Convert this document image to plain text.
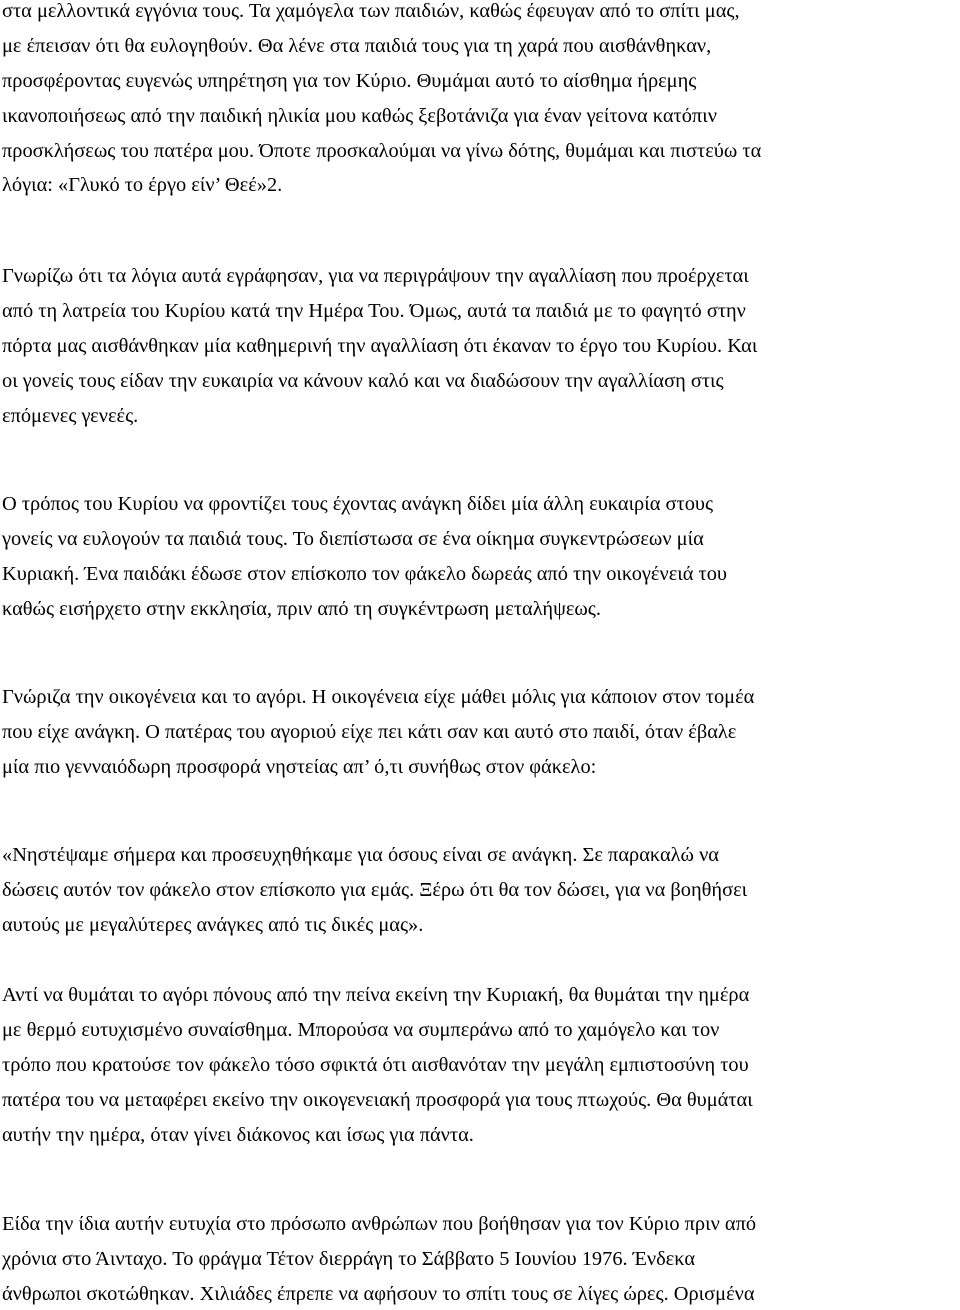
στα μελλοντικά εγγόνια τους. Τα χαμόγελα των παιδιών, καθώς έφευγαν από το σπίτι μας,
με έπεισαν ότι θα ευλογηθούν. Θα λένε στα παιδιά τους για τη χαρά που αισθάνθηκαν,
προσφέροντας ευγενώς υπηρέτηση για τον Κύριο. Θυμάμαι αυτό το αίσθημα ήρεμης
ικανοποιήσεως από την παιδική ηλικία μου καθώς ξεβοτάνιζα για έναν γείτονα κατόπιν
προσκλήσεως του πατέρα μου. Όποτε προσκαλούμαι να γίνω δότης, θυμάμαι και πιστεύω τα
λόγια: «Γλυκό το έργο είν’ Θεέ»2.
Γνωρίζω ότι τα λόγια αυτά εγράφησαν, για να περιγράψουν την αγαλλίαση που προέρχεται
από τη λατρεία του Κυρίου κατά την Ημέρα Του. Όμως, αυτά τα παιδιά με το φαγητό στην
πόρτα μας αισθάνθηκαν μία καθημερινή την αγαλλίαση ότι έκαναν το έργο του Κυρίου. Και
οι γονείς τους είδαν την ευκαιρία να κάνουν καλό και να διαδώσουν την αγαλλίαση στις
επόμενες γενεές.
Ο τρόπος του Κυρίου να φροντίζει τους έχοντας ανάγκη δίδει μία άλλη ευκαιρία στους
γονείς να ευλογούν τα παιδιά τους. Το διεπίστωσα σε ένα οίκημα συγκεντρώσεων μία
Κυριακή. Ένα παιδάκι έδωσε στον επίσκοπο τον φάκελο δωρεάς από την οικογένειά του
καθώς εισήρχετο στην εκκλησία, πριν από τη συγκέντρωση μεταλήψεως.
Γνώριζα την οικογένεια και το αγόρι. Η οικογένεια είχε μάθει μόλις για κάποιον στον τομέα
που είχε ανάγκη. Ο πατέρας του αγοριού είχε πει κάτι σαν και αυτό στο παιδί, όταν έβαλε
μία πιο γενναιόδωρη προσφορά νηστείας απ’ ό,τι συνήθως στον φάκελο:
«Νηστέψαμε σήμερα και προσευχηθήκαμε για όσους είναι σε ανάγκη. Σε παρακαλώ να
δώσεις αυτόν τον φάκελο στον επίσκοπο για εμάς. Ξέρω ότι θα τον δώσει, για να βοηθήσει
αυτούς με μεγαλύτερες ανάγκες από τις δικές μας».
Αντί να θυμάται το αγόρι πόνους από την πείνα εκείνη την Κυριακή, θα θυμάται την ημέρα
με θερμό ευτυχισμένο συναίσθημα. Μπορούσα να συμπεράνω από το χαμόγελο και τον
τρόπο που κρατούσε τον φάκελο τόσο σφικτά ότι αισθανόταν την μεγάλη εμπιστοσύνη του
πατέρα του να μεταφέρει εκείνο την οικογενειακή προσφορά για τους πτωχούς. Θα θυμάται
αυτήν την ημέρα, όταν γίνει διάκονος και ίσως για πάντα.
Είδα την ίδια αυτήν ευτυχία στο πρόσωπο ανθρώπων που βοήθησαν για τον Κύριο πριν από
χρόνια στο Άινταχο. Το φράγμα Τέτον διερράγη το Σάββατο 5 Ιουνίου 1976. Ένδεκα
άνθρωποι σκοτώθηκαν. Χιλιάδες έπρεπε να αφήσουν το σπίτι τους σε λίγες ώρες. Ορισμένα
